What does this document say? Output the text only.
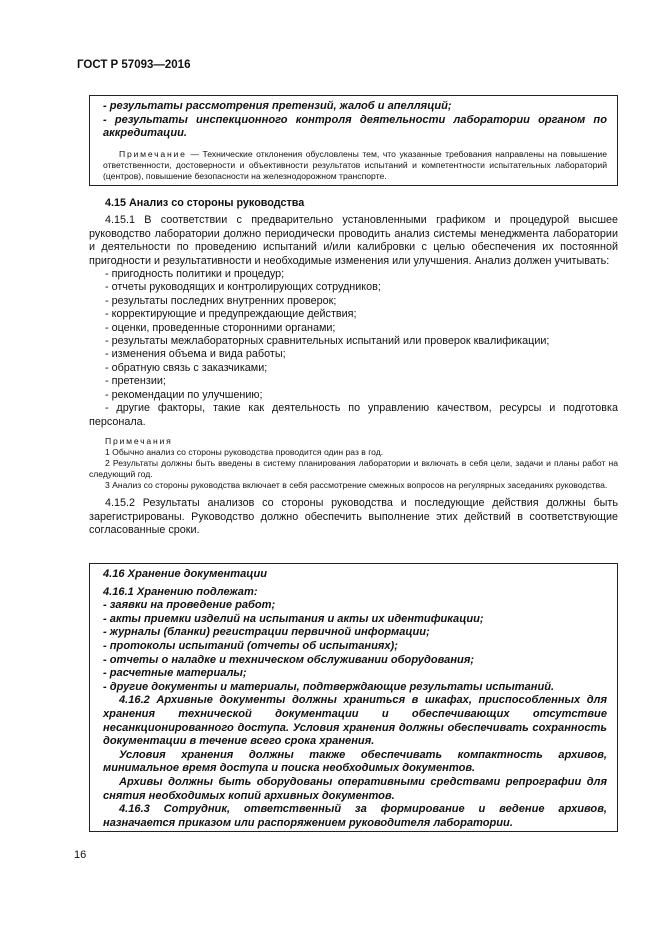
ГОСТ Р 57093—2016
- результаты рассмотрения претензий, жалоб и апелляций;
- результаты инспекционного контроля деятельности лаборатории органом по аккредитации.
Примечание — Технические отклонения обусловлены тем, что указанные требования направлены на повышение ответственности, достоверности и объективности результатов испытаний и компетентности испытательных лабораторий (центров), повышение безопасности на железнодорожном транспорте.
4.15 Анализ со стороны руководства

4.15.1 В соответствии с предварительно установленными графиком и процедурой высшее руководство лаборатории должно периодически проводить анализ системы менеджмента лаборатории и деятельности по проведению испытаний и/или калибровки с целью обеспечения их постоянной пригодности и результативности и необходимые изменения или улучшения. Анализ должен учитывать:

- пригодность политики и процедур;

- отчеты руководящих и контролирующих сотрудников;

- результаты последних внутренних проверок;

- корректирующие и предупреждающие действия;

- оценки, проведенные сторонними органами;

- результаты межлабораторных сравнительных испытаний или проверок квалификации;

- изменения объема и вида работы;

- обратную связь с заказчиками;

- претензии;

- рекомендации по улучшению;

- другие факторы, такие как деятельность по управлению качеством, ресурсы и подготовка персонала.

Примечания
1 Обычно анализ со стороны руководства проводится один раз в год.
2 Результаты должны быть введены в систему планирования лаборатории и включать в себя цели, задачи и планы работ на следующий год.
3 Анализ со стороны руководства включает в себя рассмотрение смежных вопросов на регулярных заседаниях руководства.

4.15.2 Результаты анализов со стороны руководства и последующие действия должны быть зарегистрированы. Руководство должно обеспечить выполнение этих действий в соответствующие согласованные сроки.

4.16 Хранение документации
4.16.1 Хранению подлежат:
- заявки на проведение работ;
- акты приемки изделий на испытания и акты их идентификации;
- журналы (бланки) регистрации первичной информации;
- протоколы испытаний (отчеты об испытаниях);
- отчеты о наладке и техническом обслуживании оборудования;
- расчетные материалы;
- другие документы и материалы, подтверждающие результаты испытаний.

4.16.2 Архивные документы должны храниться в шкафах, приспособленных для хранения технической документации и обеспечивающих отсутствие несанкционированного доступа. Условия хранения должны обеспечивать сохранность документации в течение всего срока хранения.

Условия хранения должны также обеспечивать компактность архивов, минимальное время доступа и поиска необходимых документов.

Архивы должны быть оборудованы оперативными средствами репрографии для снятия необходимых копий архивных документов.

4.16.3 Сотрудник, ответственный за формирование и ведение архивов, назначается приказом или распоряжением руководителя лаборатории.

16
